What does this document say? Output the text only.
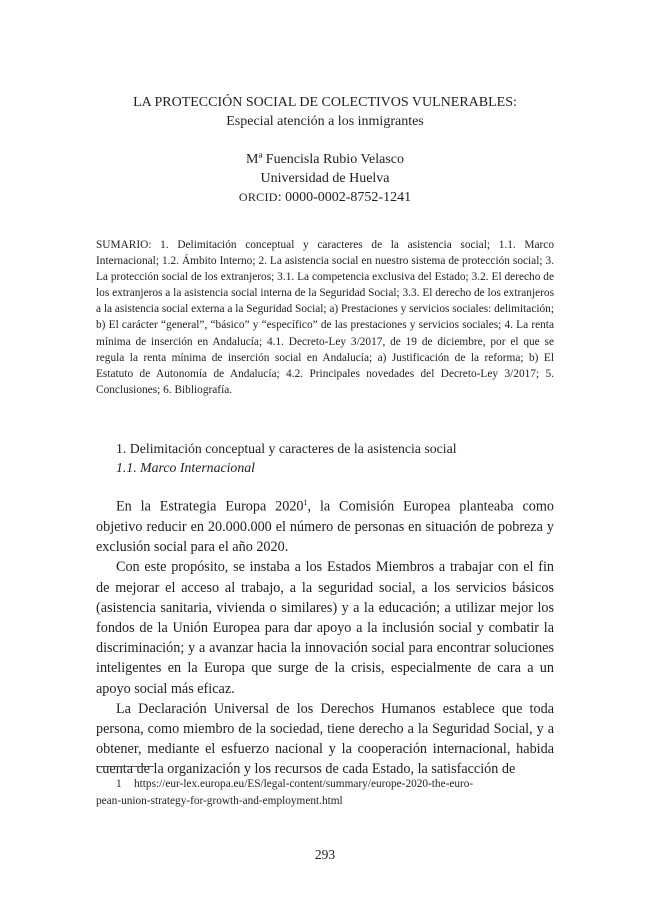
LA PROTECCIÓN SOCIAL DE COLECTIVOS VULNERABLES:
Especial atención a los inmigrantes
Mª Fuencisla Rubio Velasco
Universidad de Huelva
ORCID: 0000-0002-8752-1241
SUMARIO: 1. Delimitación conceptual y caracteres de la asistencia social; 1.1. Marco Internacional; 1.2. Ámbito Interno; 2. La asistencia social en nuestro sistema de protección social; 3. La protección social de los extranjeros; 3.1. La competencia exclusiva del Estado; 3.2. El derecho de los extranjeros a la asistencia social interna de la Seguridad Social; 3.3. El derecho de los extranjeros a la asistencia social externa a la Seguridad Social; a) Prestaciones y servicios sociales: delimitación; b) El carácter “general”, “básico” y “específico” de las prestaciones y servicios sociales; 4. La renta mínima de inserción en Andalucía; 4.1. Decreto-Ley 3/2017, de 19 de diciembre, por el que se regula la renta mínima de inserción social en Andalucía; a) Justificación de la reforma; b) El Estatuto de Autonomía de Andalucía; 4.2. Principales novedades del Decreto-Ley 3/2017; 5. Conclusiones; 6. Bibliografía.
1. Delimitación conceptual y caracteres de la asistencia social
1.1. Marco Internacional

En la Estrategia Europa 2020$^1$, la Comisión Europea planteaba como objetivo reducir en 20.000.000 el número de personas en situación de pobreza y exclusión social para el año 2020.

Con este propósito, se instaba a los Estados Miembros a trabajar con el fin de mejorar el acceso al trabajo, a la seguridad social, a los servicios básicos (asistencia sanitaria, vivienda o similares) y a la educación; a utilizar mejor los fondos de la Unión Europea para dar apoyo a la inclusión social y combatir la discriminación; y a avanzar hacia la innovación social para encontrar soluciones inteligentes en la Europa que surge de la crisis, especialmente de cara a un apoyo social más eficaz.

La Declaración Universal de los Derechos Humanos establece que toda persona, como miembro de la sociedad, tiene derecho a la Seguridad Social, y a obtener, mediante el esfuerzo nacional y la cooperación internacional, habida cuenta de la organización y los recursos de cada Estado, la satisfacción de

1 https://eur-lex.europa.eu/ES/legal-content/summary/europe-2020-the-euro-
pean-union-strategy-for-growth-and-employment.html
293
